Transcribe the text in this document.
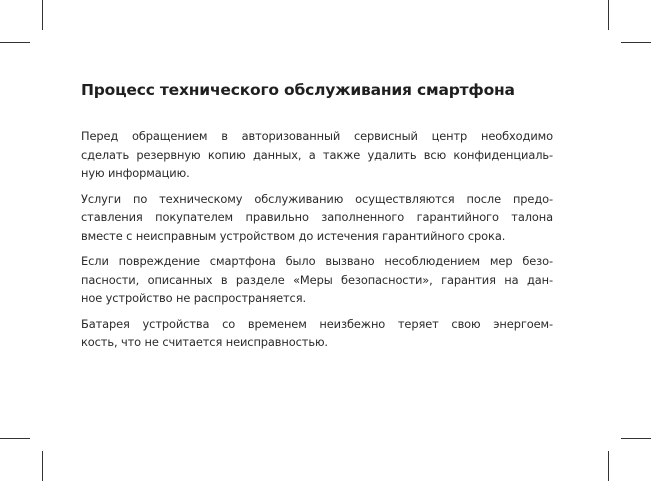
Процесс технического обслуживания смартфона

Перед обращением в авторизованный сервисный центр необходимо
сделать резервную копию данных, а также удалить всю конфиденциаль-
ную информацию.

Услуги по техническому обслуживанию осуществляются после предо-
ставления покупателем правильно заполненного гарантийного талона
вместе с неисправным устройством до истечения гарантийного срока.

Если повреждение смартфона было вызвано несоблюдением мер безо-
пасности, описанных в разделе «Меры безопасности», гарантия на дан-
ное устройство не распространяется.

Батарея устройства со временем неизбежно теряет свою энергоем-
кость, что не считается неисправностью.
